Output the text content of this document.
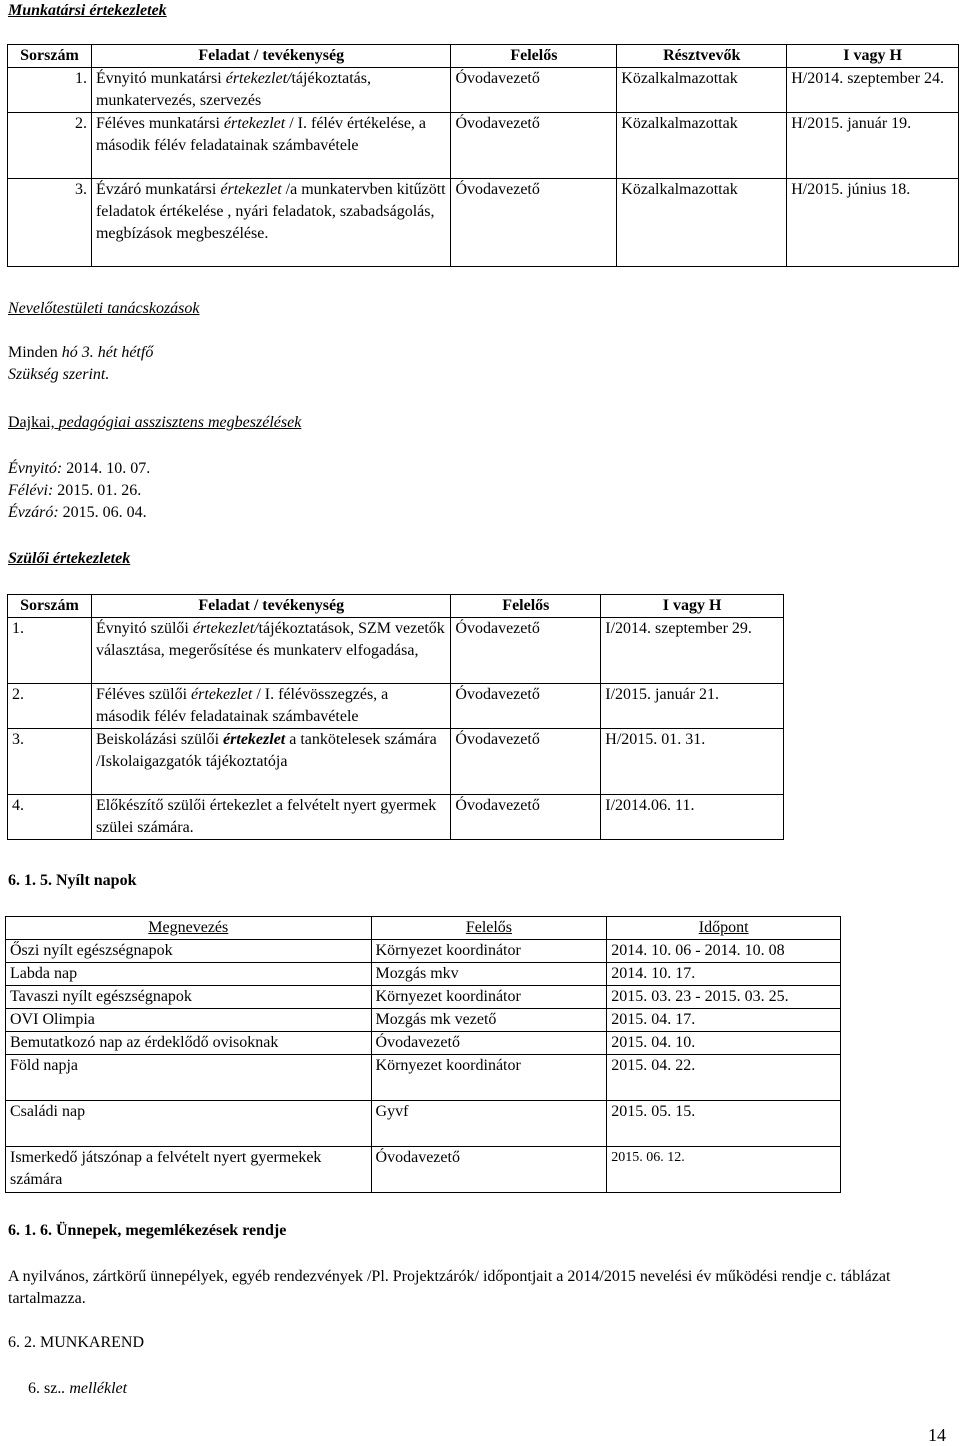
Munkatársi értekezletek
Sorszám	Feladat / tevékenység	Felelős	Résztvevők	I vagy H
1.	Évnyitó munkatársi értekezlet/tájékoztatás, munkatervezés, szervezés	Óvodavezető	Közalkalmazottak	H/2014. szeptember 24.
2.	Féléves munkatársi értekezlet / I. félév értékelése, a második félév feladatainak számbavétele	Óvodavezető	Közalkalmazottak	H/2015. január 19.
3.	Évzáró munkatársi értekezlet /a munkatervben kitűzött feladatok értékelése , nyári feladatok, szabadságolás, megbízások megbeszélése.	Óvodavezető	Közalkalmazottak	H/2015. június 18.
Nevelőtestületi tanácskozások
Minden hó 3. hét hétfő
Szükség szerint.
Dajkai, pedagógiai asszisztens megbeszélések
Évnyitó: 2014. 10. 07.
Félévi: 2015. 01. 26.
Évzáró: 2015. 06. 04.
Szülői értekezletek
Sorszám	Feladat / tevékenység	Felelős	I vagy H
1.	Évnyitó szülői értekezlet/tájékoztatások, SZM vezetők választása, megerősítése és munkaterv elfogadása,	Óvodavezető	I/2014. szeptember 29.
2.	Féléves szülői értekezlet / I. félévösszegzés, a második félév feladatainak számbavétele	Óvodavezető	I/2015. január 21.
3.	Beiskolázási szülői értekezlet a tankötelesek számára /Iskolaigazgatók tájékoztatója	Óvodavezető	H/2015. 01. 31.
4.	Előkészítő szülői értekezlet a felvételt nyert gyermek szülei számára.	Óvodavezető	I/2014.06. 11.
6. 1. 5. Nyílt napok
Megnevezés	Felelős	Időpont
Őszi nyílt egészségnapok	Környezet koordinátor	2014. 10. 06 - 2014. 10. 08
Labda nap	Mozgás mkv	2014. 10. 17.
Tavaszi nyílt egészségnapok	Környezet koordinátor	2015. 03. 23 - 2015. 03. 25.
OVI Olimpia	Mozgás mk vezető	2015. 04. 17.
Bemutatkozó nap az érdeklődő ovisoknak	Óvodavezető	2015. 04. 10.
Föld napja	Környezet koordinátor	2015. 04. 22.
Családi nap	Gyvf	2015. 05. 15.
Ismerkedő játszónap a felvételt nyert gyermekek számára	Óvodavezető	2015. 06. 12.
6. 1. 6. Ünnepek, megemlékezések rendje
A nyilvános, zártkörű ünnepélyek, egyéb rendezvények /Pl. Projektzárók/ időpontjait a 2014/2015 nevelési év működési rendje c. táblázat tartalmazza.
6. 2. MUNKAREND
6. sz.. melléklet
14
